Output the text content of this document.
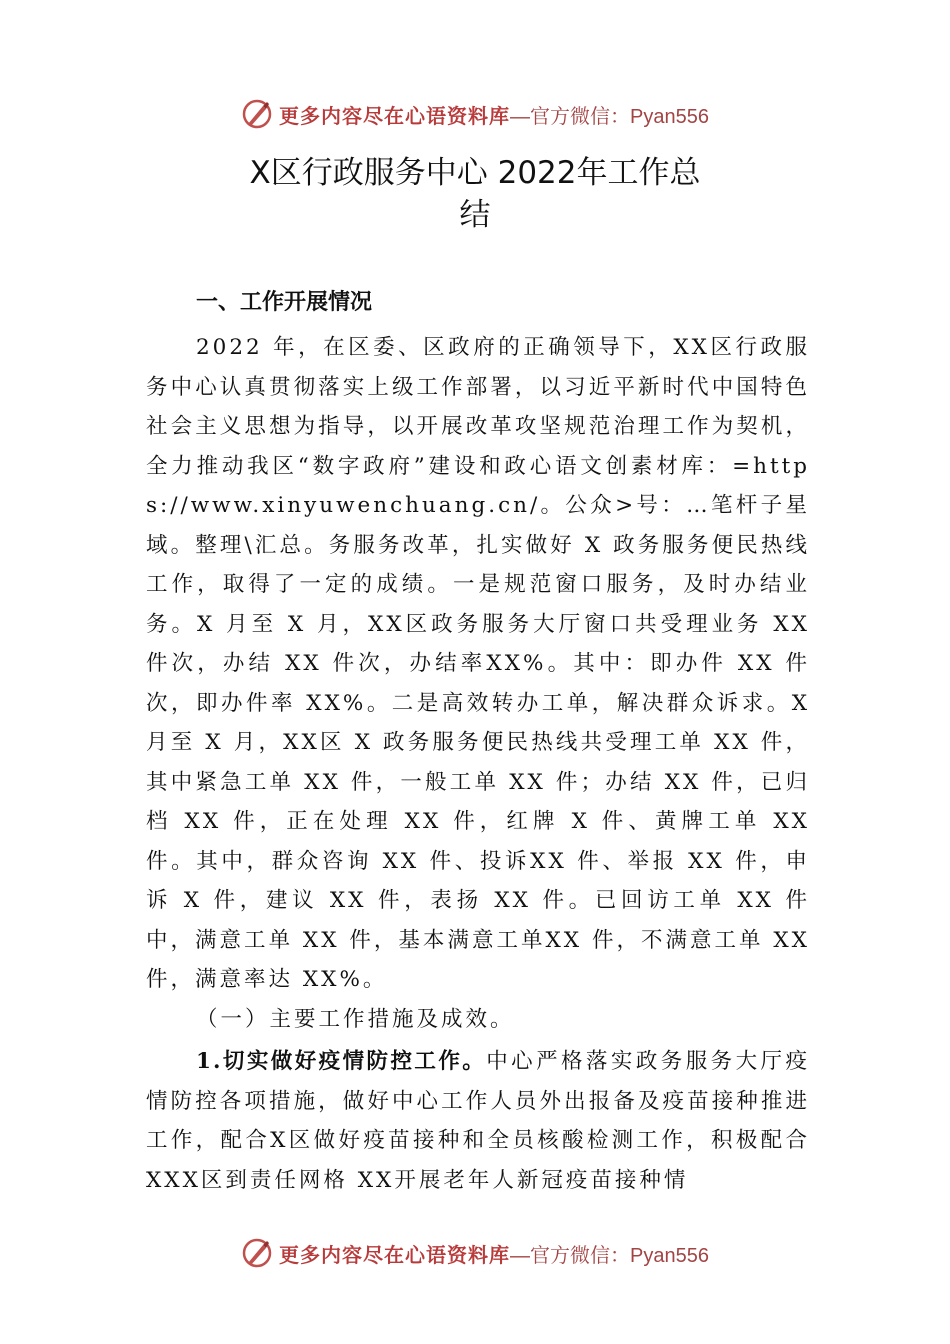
更多内容尽在心语资料库 —官方微信：Pyan556
X区行政服务中心 2022年工作总
结
一、工作开展情况

2022 年，在区委、区政府的正确领导下，XX区行政服务中心认真贯彻落实上级工作部署，以习近平新时代中国特色社会主义思想为指导，以开展改革攻坚规范治理工作为契机，全力推动我区“数字政府”建设和政心语文创素材库：=https://www.xinyuwenchuang.cn/。公众>号：…笔杆子星域。整理\汇总。务服务改革，扎实做好 X 政务服务便民热线工作，取得了一定的成绩。一是规范窗口服务，及时办结业务。X 月至 X 月，XX区政务服务大厅窗口共受理业务 XX 件次，办结 XX 件次，办结率XX%。其中：即办件 XX 件次，即办件率 XX%。二是高效转办工单，解决群众诉求。X 月至 X 月，XX区 X 政务服务便民热线共受理工单 XX 件，其中紧急工单 XX 件，一般工单 XX 件；办结 XX 件，已归档 XX 件，正在处理 XX 件，红牌 X 件、黄牌工单 XX 件。其中，群众咨询 XX 件、投诉XX 件、举报 XX 件，申诉 X 件，建议 XX 件，表扬 XX 件。已回访工单 XX 件中，满意工单 XX 件，基本满意工单XX 件，不满意工单 XX 件，满意率达 XX%。

（一）主要工作措施及成效。

1.切实做好疫情防控工作。中心严格落实政务服务大厅疫情防控各项措施，做好中心工作人员外出报备及疫苗接种推进工作，配合X区做好疫苗接种和全员核酸检测工作，积极配合 XXX区到责任网格 XX开展老年人新冠疫苗接种情

更多内容尽在心语资料库 —官方微信：Pyan556
